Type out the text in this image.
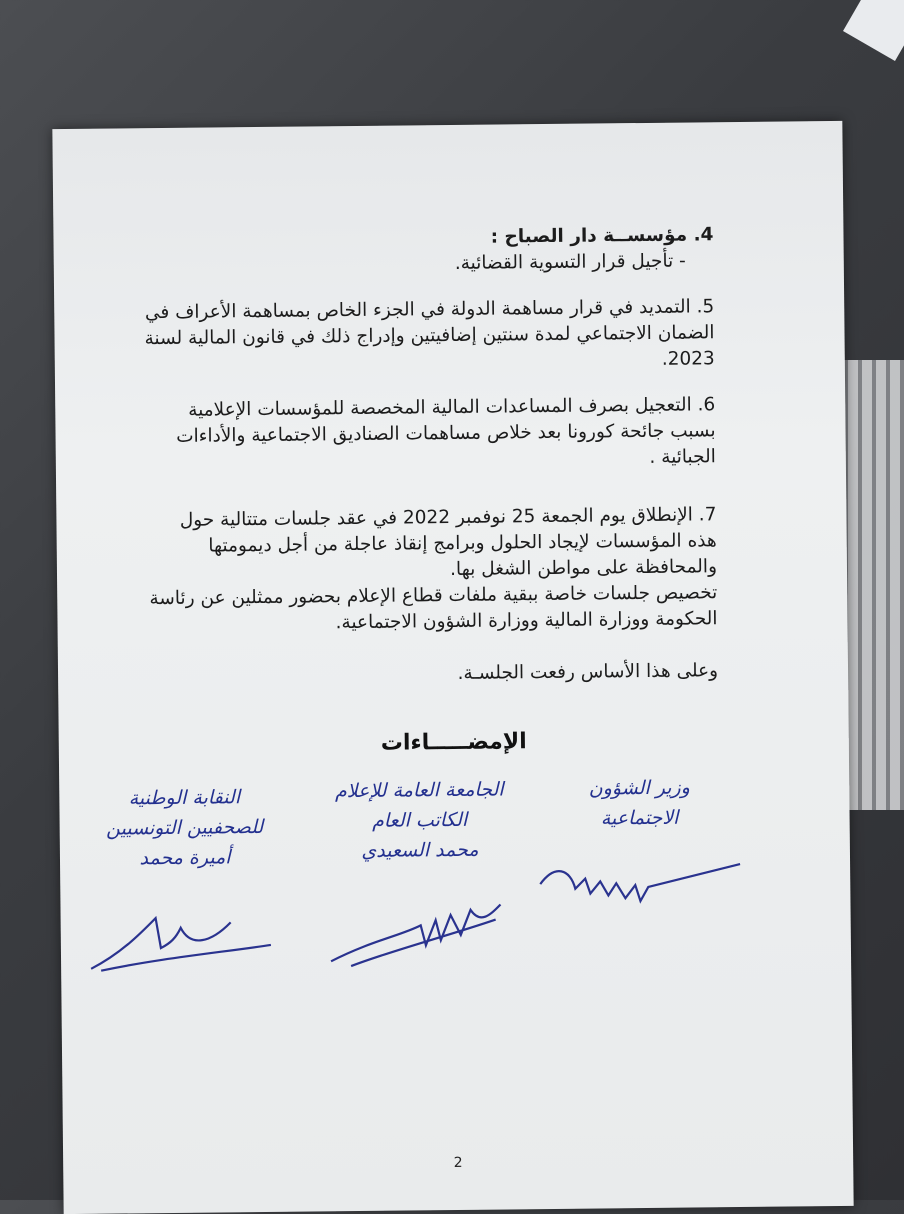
4. مؤسســة دار الصباح :
- تأجيل قرار التسوية القضائية.
5. التمديد في قرار مساهمة الدولة في الجزء الخاص بمساهمة الأعراف في الضمان الاجتماعي لمدة سنتين إضافيتين وإدراج ذلك في قانون المالية لسنة 2023.
6. التعجيل بصرف المساعدات المالية المخصصة للمؤسسات الإعلامية بسبب جائحة كورونا بعد خلاص مساهمات الصناديق الاجتماعية والأداءات الجبائية .
7. الإنطلاق يوم الجمعة 25 نوفمبر 2022 في عقد جلسات متتالية حول هذه المؤسسات لإيجاد الحلول وبرامج إنقاذ عاجلة من أجل ديمومتها والمحافظة على مواطن الشغل بها.
تخصيص جلسات خاصة ببقية ملفات قطاع الإعلام بحضور ممثلين عن رئاسة الحكومة ووزارة المالية ووزارة الشؤون الاجتماعية.
وعلى هذا الأساس رفعت الجلسـة.
الإمضـــــاءات
وزير الشؤون
الاجتماعية
الجامعة العامة للإعلام
الكاتب العام
محمد السعيدي
النقابة الوطنية
للصحفيين التونسيين
أميرة محمد
2
